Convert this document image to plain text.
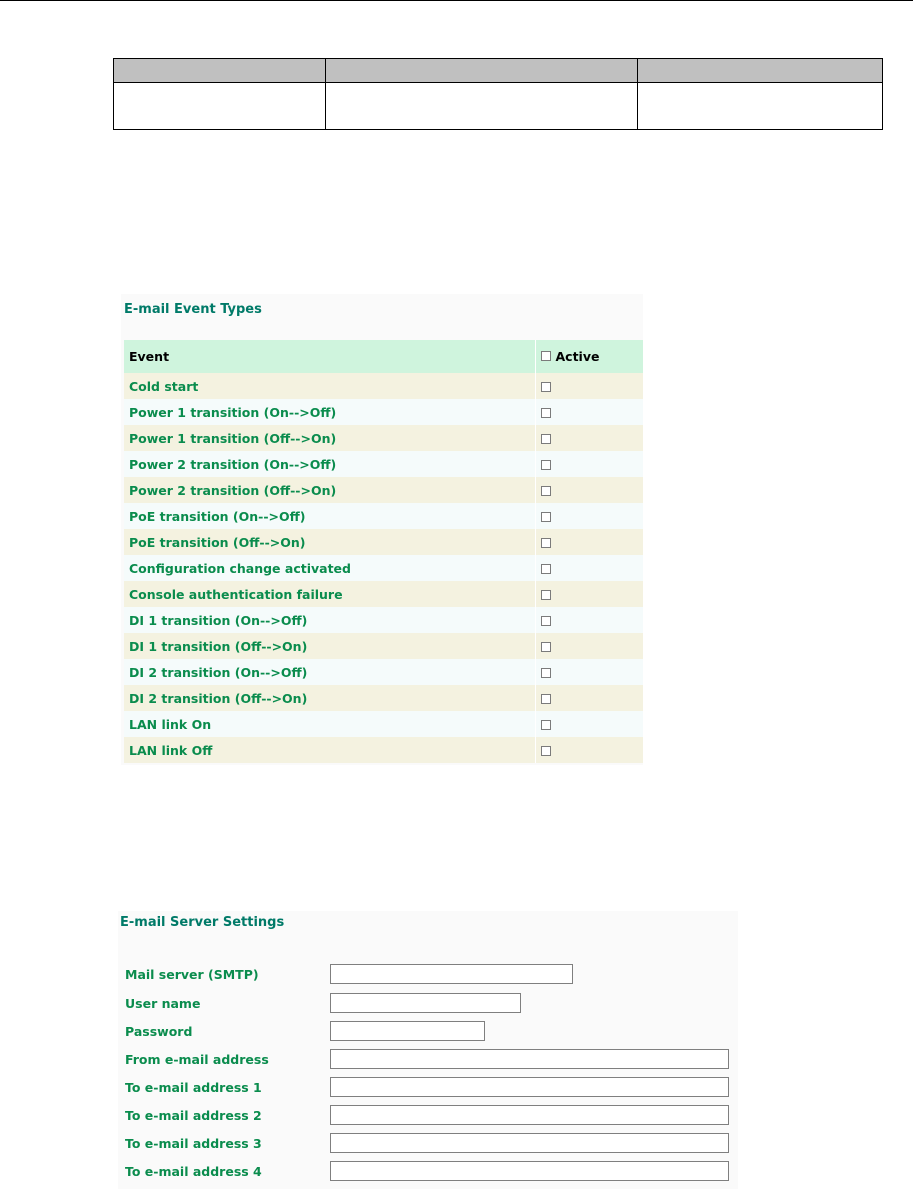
E-mail Event Types
Event	Active

Cold start	
Power 1 transition (On-->Off)	
Power 1 transition (Off-->On)	
Power 2 transition (On-->Off)	
Power 2 transition (Off-->On)	
PoE transition (On-->Off)	
PoE transition (Off-->On)	
Configuration change activated	
Console authentication failure	
DI 1 transition (On-->Off)	
DI 1 transition (Off-->On)	
DI 2 transition (On-->Off)	
DI 2 transition (Off-->On)	
LAN link On	
LAN link Off	
E-mail Server Settings
Mail server (SMTP)
User name
Password
From e-mail address
To e-mail address 1
To e-mail address 2
To e-mail address 3
To e-mail address 4
